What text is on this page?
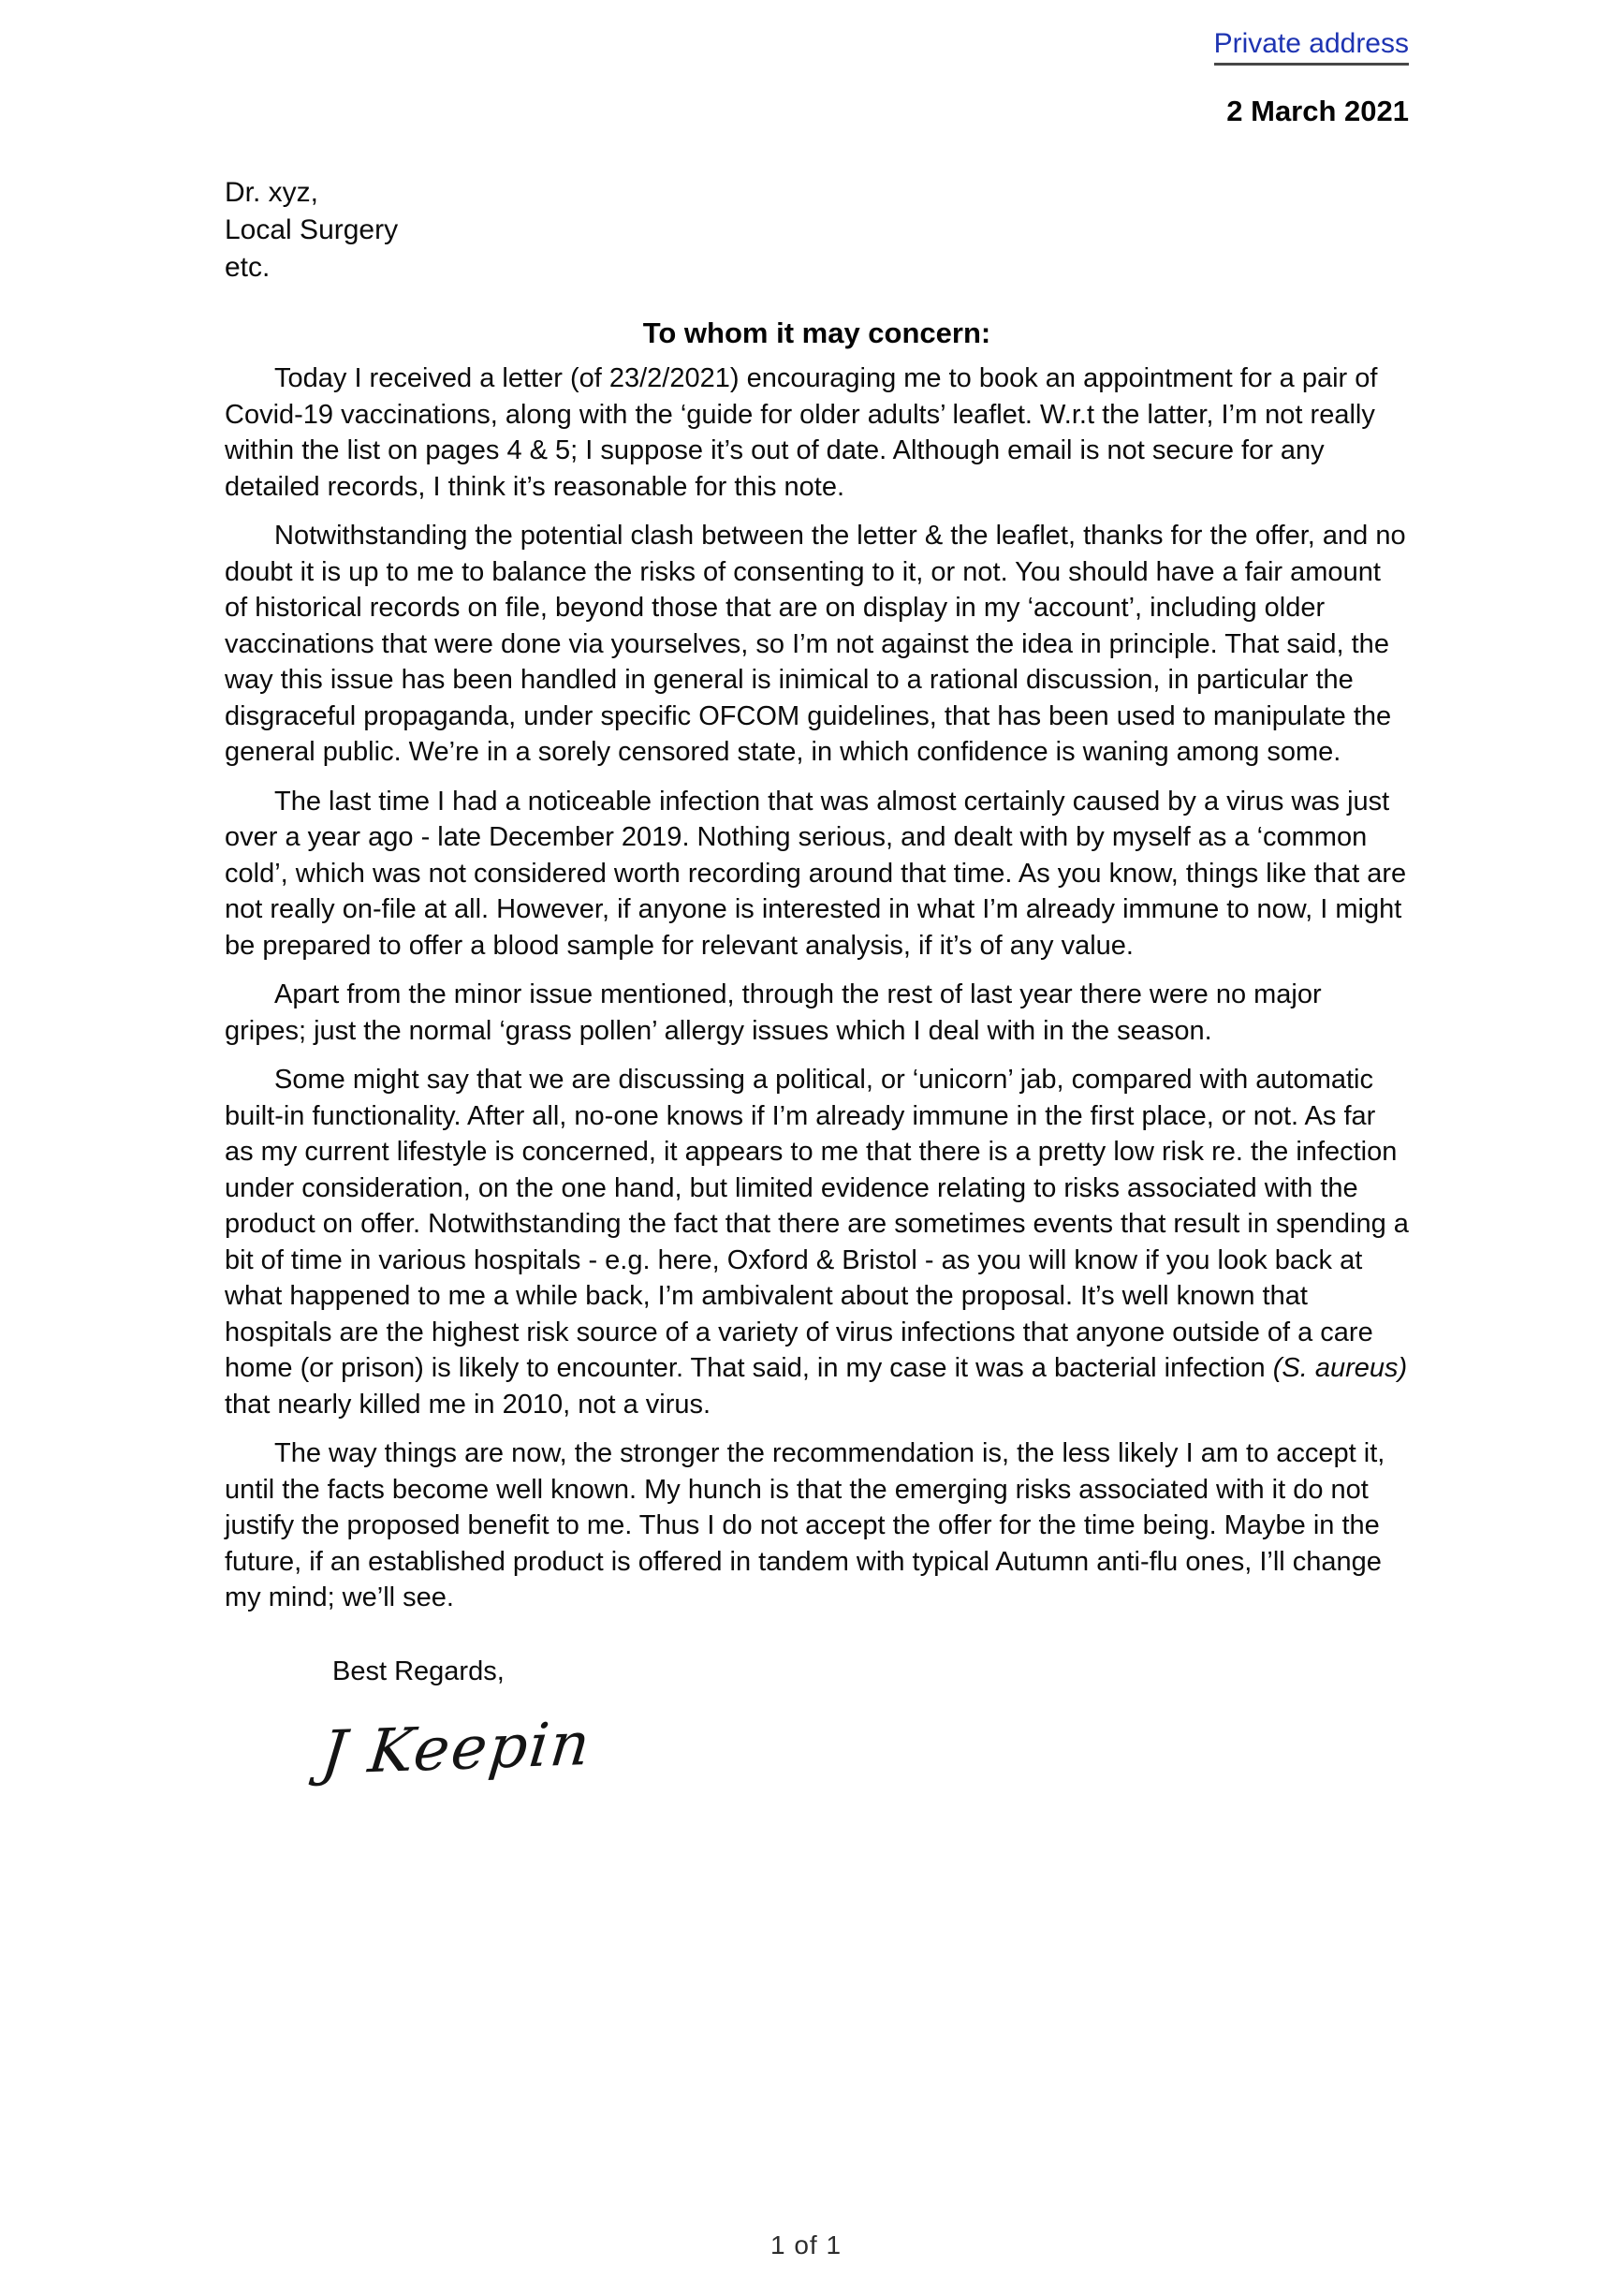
Private address
2 March 2021
Dr. xyz,
Local Surgery
etc.
To whom it may concern:

Today I received a letter (of 23/2/2021) encouraging me to book an appointment for a pair of Covid-19 vaccinations, along with the ‘guide for older adults’ leaflet. W.r.t the latter, I’m not really within the list on pages 4 & 5; I suppose it’s out of date. Although email is not secure for any detailed records, I think it’s reasonable for this note.

Notwithstanding the potential clash between the letter & the leaflet, thanks for the offer, and no doubt it is up to me to balance the risks of consenting to it, or not. You should have a fair amount of historical records on file, beyond those that are on display in my ‘account’, including older vaccinations that were done via yourselves, so I’m not against the idea in principle. That said, the way this issue has been handled in general is inimical to a rational discussion, in particular the disgraceful propaganda, under specific OFCOM guidelines, that has been used to manipulate the general public. We’re in a sorely censored state, in which confidence is waning among some.

The last time I had a noticeable infection that was almost certainly caused by a virus was just over a year ago - late December 2019. Nothing serious, and dealt with by myself as a ‘common cold’, which was not considered worth recording around that time. As you know, things like that are not really on-file at all. However, if anyone is interested in what I’m already immune to now, I might be prepared to offer a blood sample for relevant analysis, if it’s of any value.

Apart from the minor issue mentioned, through the rest of last year there were no major gripes; just the normal ‘grass pollen’ allergy issues which I deal with in the season.

Some might say that we are discussing a political, or ‘unicorn’ jab, compared with automatic built-in functionality. After all, no-one knows if I’m already immune in the first place, or not. As far as my current lifestyle is concerned, it appears to me that there is a pretty low risk re. the infection under consideration, on the one hand, but limited evidence relating to risks associated with the product on offer. Notwithstanding the fact that there are sometimes events that result in spending a bit of time in various hospitals - e.g. here, Oxford & Bristol - as you will know if you look back at what happened to me a while back, I’m ambivalent about the proposal. It’s well known that hospitals are the highest risk source of a variety of virus infections that anyone outside of a care home (or prison) is likely to encounter. That said, in my case it was a bacterial infection (S. aureus) that nearly killed me in 2010, not a virus.

The way things are now, the stronger the recommendation is, the less likely I am to accept it, until the facts become well known. My hunch is that the emerging risks associated with it do not justify the proposed benefit to me. Thus I do not accept the offer for the time being. Maybe in the future, if an established product is offered in tandem with typical Autumn anti-flu ones, I’ll change my mind; we’ll see.

Best Regards,
J Keepin
1 of 1
